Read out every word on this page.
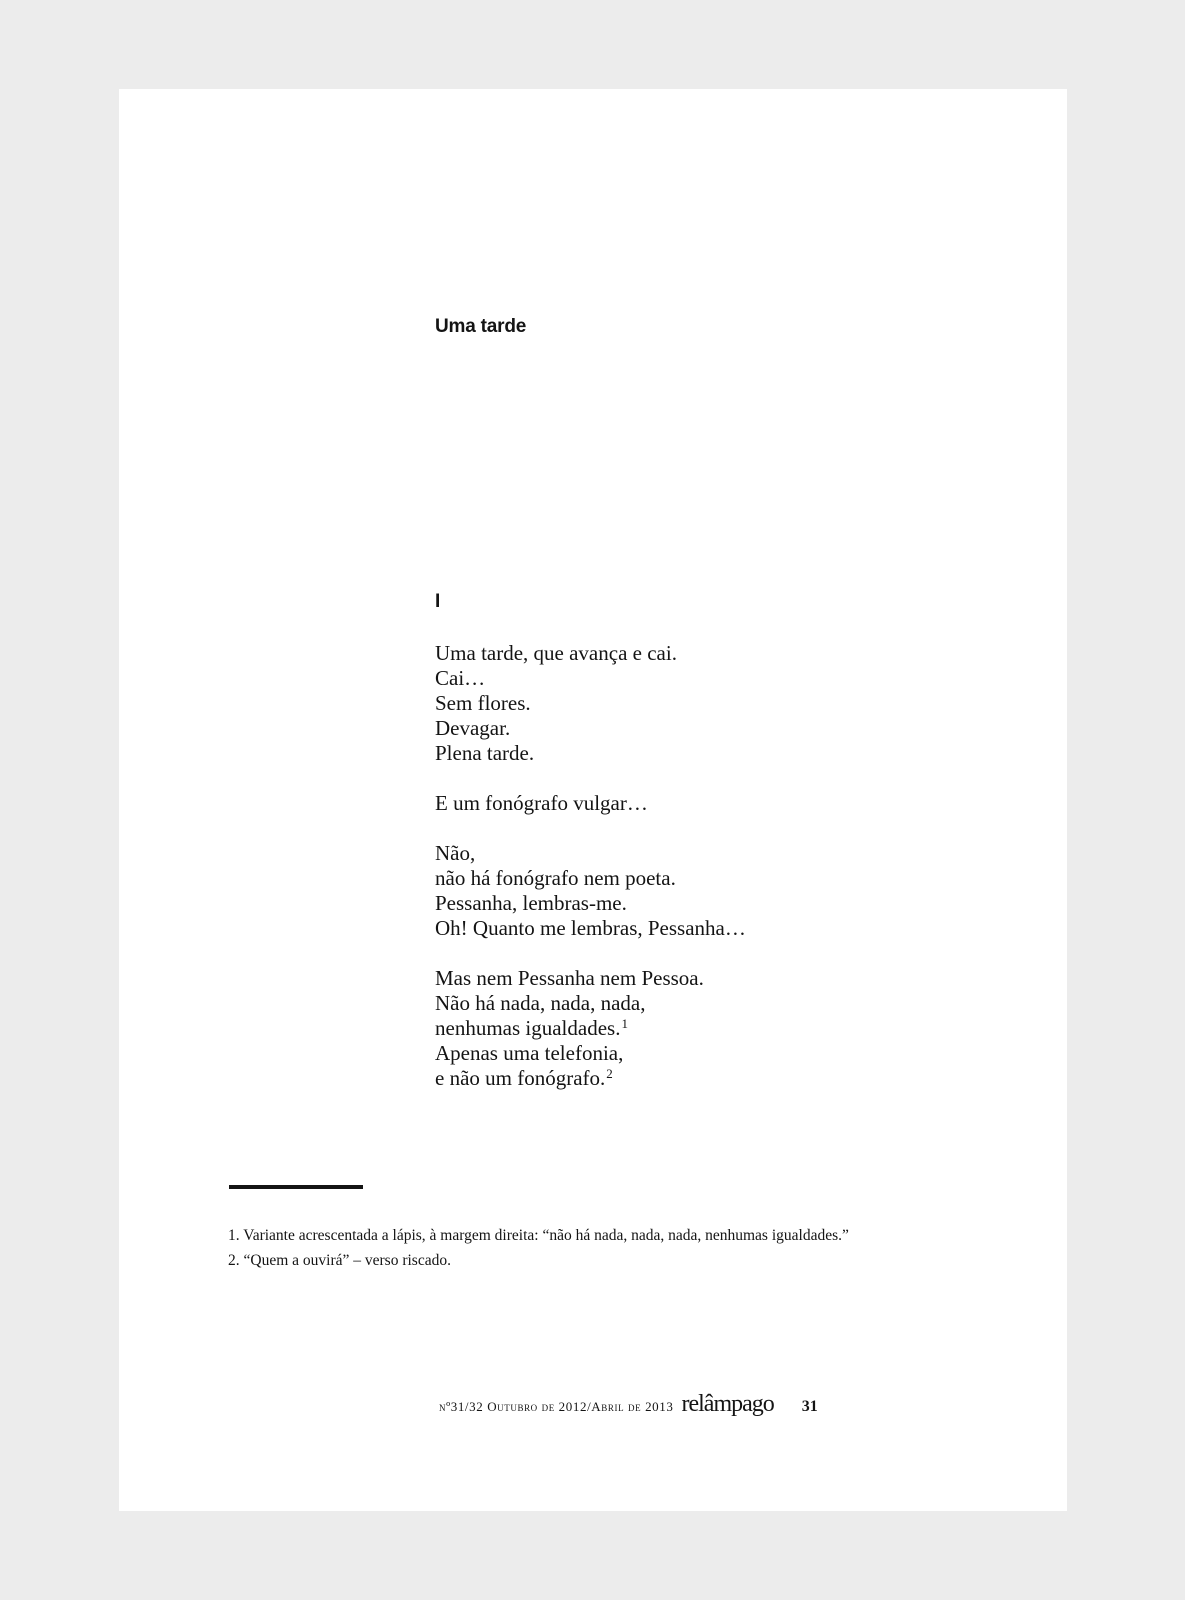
Uma tarde
I

Uma tarde, que avança e cai.
Cai…
Sem flores.
Devagar.
Plena tarde.

E um fonógrafo vulgar…

Não,
não há fonógrafo nem poeta.
Pessanha, lembras-me.
Oh! Quanto me lembras, Pessanha…

Mas nem Pessanha nem Pessoa.
Não há nada, nada, nada,
nenhumas igualdades.$^1$
Apenas uma telefonia,
e não um fonógrafo.$^2$

1. Variante acrescentada a lápis, à margem direita: “não há nada, nada, nada, nenhumas igualdades.”
2. “Quem a ouvirá” – verso riscado.
nº31/32 Outubro de 2012/Abril de 2013 relâmpago 31
